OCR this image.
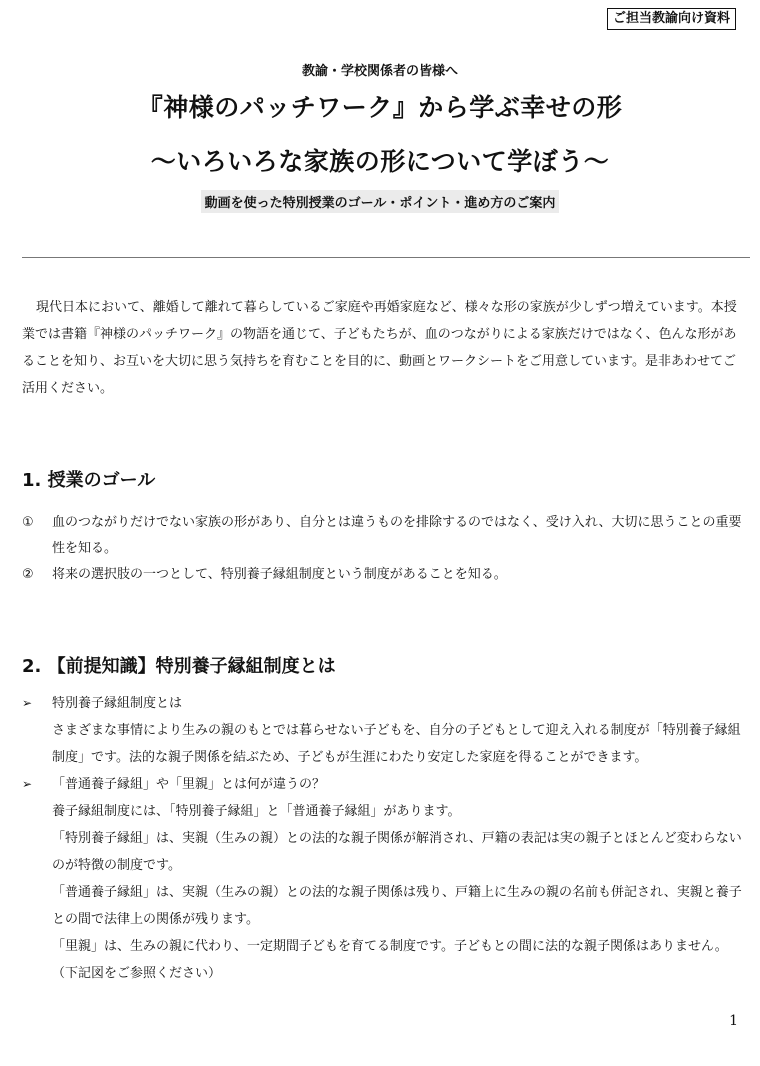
ご担当教諭向け資料
教諭・学校関係者の皆様へ
『神様のパッチワーク』から学ぶ幸せの形
～いろいろな家族の形について学ぼう～
動画を使った特別授業のゴール・ポイント・進め方のご案内

現代日本において、離婚して離れて暮らしているご家庭や再婚家庭など、様々な形の家族が少しずつ増えています。本授業では書籍『神様のパッチワーク』の物語を通じて、子どもたちが、血のつながりによる家族だけではなく、色んな形があることを知り、お互いを大切に思う気持ちを育むことを目的に、動画とワークシートをご用意しています。是非あわせてご活用ください。

1. 授業のゴール
①	血のつながりだけでない家族の形があり、自分とは違うものを排除するのではなく、受け入れ、大切に思うことの重要性を知る。
②	将来の選択肢の一つとして、特別養子縁組制度という制度があることを知る。
2. 【前提知識】特別養子縁組制度とは
➢	特別養子縁組制度とは

さまざまな事情により生みの親のもとでは暮らせない子どもを、自分の子どもとして迎え入れる制度が「特別養子縁組制度」です。法的な親子関係を結ぶため、子どもが生涯にわたり安定した家庭を得ることができます。

➢	「普通養子縁組」や「里親」とは何が違うの？

養子縁組制度には、「特別養子縁組」と「普通養子縁組」があります。

「特別養子縁組」は、実親（生みの親）との法的な親子関係が解消され、戸籍の表記は実の親子とほとんど変わらないのが特徴の制度です。

「普通養子縁組」は、実親（生みの親）との法的な親子関係は残り、戸籍上に生みの親の名前も併記され、実親と養子との間で法律上の関係が残ります。

「里親」は、生みの親に代わり、一定期間子どもを育てる制度です。子どもとの間に法的な親子関係はありません。（下記図をご参照ください）

1
